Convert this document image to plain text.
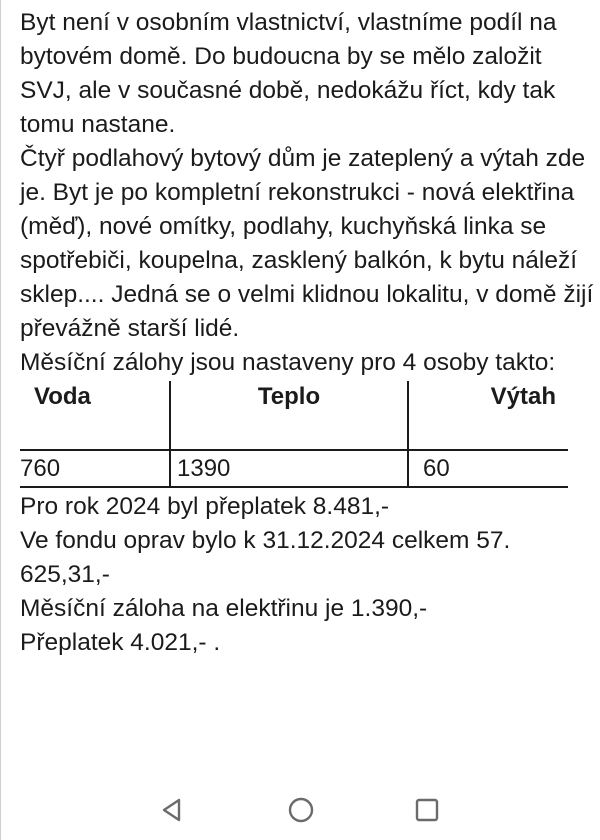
Byt není v osobním vlastnictví, vlastníme podíl na bytovém domě. Do budoucna by se mělo založit SVJ, ale v současné době, nedokážu říct, kdy tak tomu nastane.

Čtyř podlahový bytový dům je zateplený a výtah zde je. Byt je po kompletní rekonstrukci - nová elektřina (měď), nové omítky, podlahy, kuchyňská linka se spotřebiči, koupelna, zasklený balkón, k bytu náleží sklep.... Jedná se o velmi klidnou lokalitu, v domě žijí převážně starší lidé.

Měsíční zálohy jsou nastaveny pro 4 osoby takto:

Voda	Teplo	Výtah
760	1390	60

Pro rok 2024 byl přeplatek 8.481,-

Ve fondu oprav bylo k 31.12.2024 celkem 57. 625,31,-

Měsíční záloha na elektřinu je 1.390,-

Přeplatek 4.021,- .
